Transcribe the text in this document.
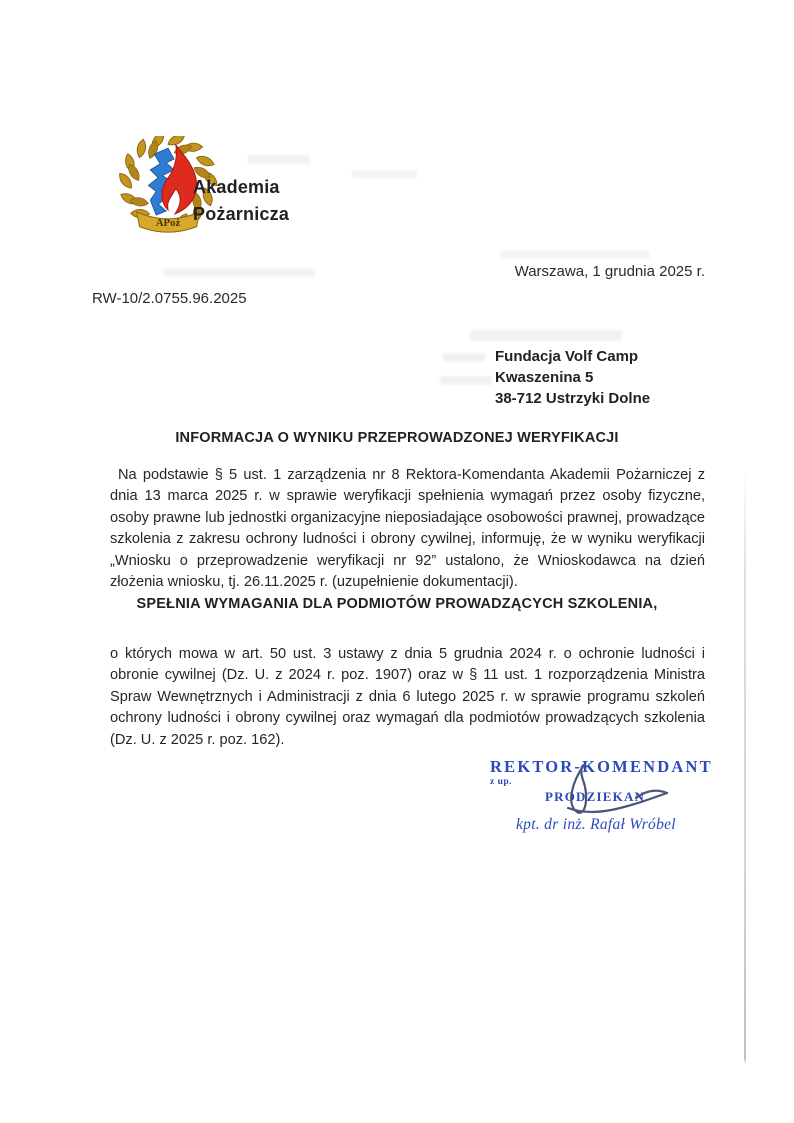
APoż
Akademia
Pożarnicza
Warszawa, 1 grudnia 2025 r.
RW-10/2.0755.96.2025
Fundacja Volf Camp
Kwaszenina 5
38-712 Ustrzyki Dolne
INFORMACJA O WYNIKU PRZEPROWADZONEJ WERYFIKACJI
Na podstawie § 5 ust. 1 zarządzenia nr 8 Rektora-Komendanta Akademii Pożarniczej z dnia 13 marca 2025 r. w sprawie weryfikacji spełnienia wymagań przez osoby fizyczne, osoby prawne lub jednostki organizacyjne nieposiadające osobowości prawnej, prowadzące szkolenia z zakresu ochrony ludności i obrony cywilnej, informuję, że w wyniku weryfikacji „Wniosku o przeprowadzenie weryfikacji nr 92” ustalono, że Wnioskodawca na dzień złożenia wniosku, tj. 26.11.2025 r. (uzupełnienie dokumentacji).
SPEŁNIA WYMAGANIA DLA PODMIOTÓW PROWADZĄCYCH SZKOLENIA,
o których mowa w art. 50 ust. 3 ustawy z dnia 5 grudnia 2024 r. o ochronie ludności i obronie cywilnej (Dz. U. z 2024 r. poz. 1907) oraz w § 11 ust. 1 rozporządzenia Ministra Spraw Wewnętrznych i Administracji z dnia 6 lutego 2025 r. w sprawie programu szkoleń ochrony ludności i obrony cywilnej oraz wymagań dla podmiotów prowadzących szkolenia (Dz. U. z 2025 r. poz. 162).
REKTOR-KOMENDANT
z up.
PRODZIEKAN
kpt. dr inż. Rafał Wróbel
